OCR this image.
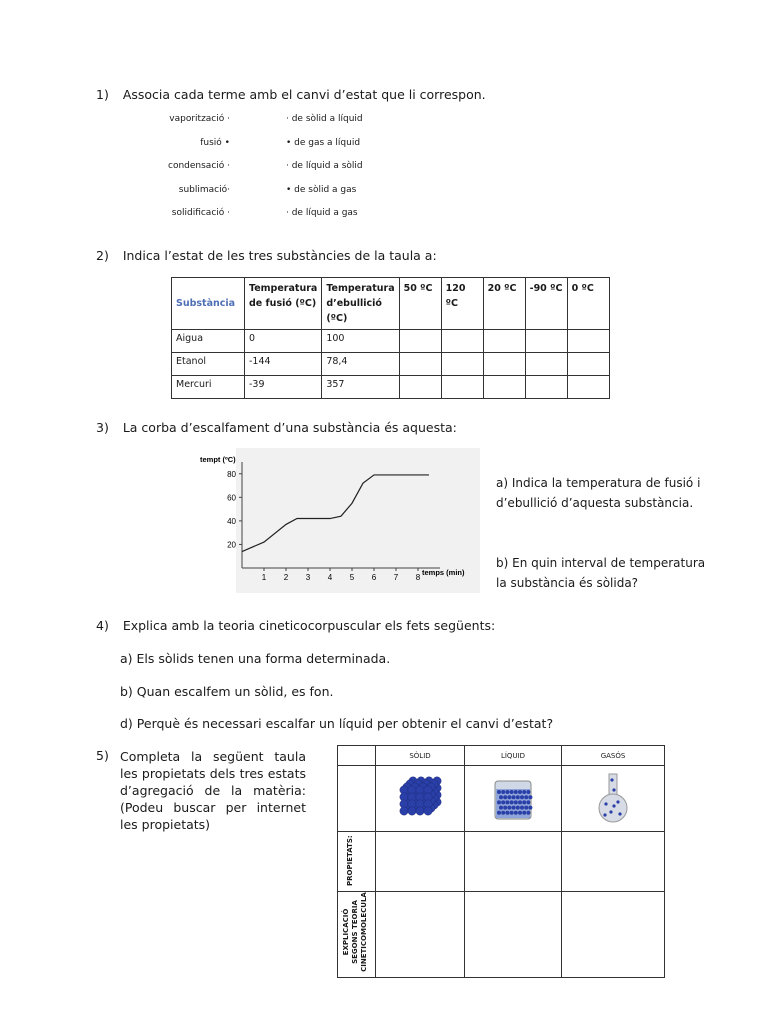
1) Associa cada terme amb el canvi d’estat que li correspon.
vaporització ·
fusió •
condensació ·
sublimació·
solidificació ·
· de sòlid a líquid
• de gas a líquid
· de líquid a sòlid
• de sòlid a gas
· de líquid a gas
2) Indica l’estat de les tres substàncies de la taula a:
Substància	Temperatura de fusió (ºC)	Temperatura d’ebullició (ºC)	50 ºC	120 ºC	20 ºC	-90 ºC	0 ºC
Aigua	0	100					
Etanol	-144	78,4					
Mercuri	-39	357					
3) La corba d’escalfament d’una substància és aquesta:
tempt (ºC)
temps (min)
1 2 3 4 5 6 7 8
20
40
60
80
a) Indica la temperatura de fusió i d’ebullició d’aquesta substància.
b) En quin interval de temperatura la substància és sòlida?
4) Explica amb la teoria cineticocorpuscular els fets següents:
a) Els sòlids tenen una forma determinada.
b) Quan escalfem un sòlid, es fon.
d) Perquè és necessari escalfar un líquid per obtenir el canvi d’estat?
5) Completa la següent taula les propietats dels tres estats d’agregació de la matèria: (Podeu buscar per internet les propietats)
	SÒLID	LÍQUID	GASÓS

PROPIETATS:			

EXPLICACIÓ SEGONS TEORIA CINETICOMOLECULA			
